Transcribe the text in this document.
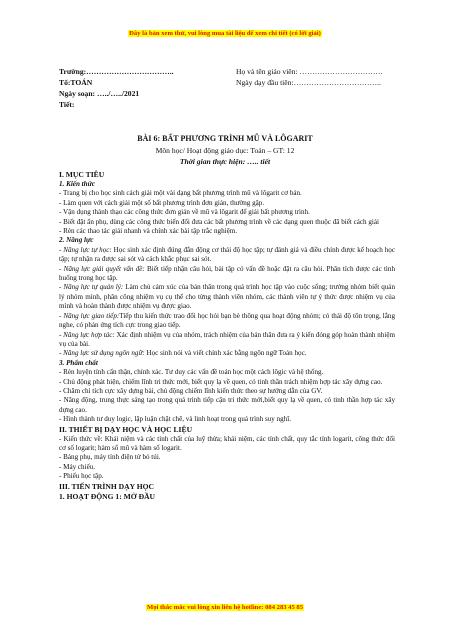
Đây là bản xem thử, vui lòng mua tài liệu để xem chi tiết (có lời giải)
Trường:……………………………..
Tổ:TOÁN
Ngày soạn: …../…../2021
Tiết:
Họ và tên giáo viên: ……………………………
Ngày dạy đầu tiên:……………………………..
BÀI 6: BẤT PHƯƠNG TRÌNH MŨ VÀ LÔGARIT
Môn học/ Hoạt động giáo dục: Toán – GT: 12
Thời gian thực hiện: ….. tiết

I. MỤC TIÊU

1. Kiến thức

- Trang bị cho học sinh cách giải một vài dạng bất phương trình mũ và lôgarit cơ bản.

- Làm quen với cách giải một số bất phương trình đơn giản, thường gặp.

- Vận dụng thành thạo các công thức đơn giản về mũ và lôgarit để giải bất phương trình.

- Biết đặt ẩn phụ, dùng các công thức biến đổi đưa các bất phương trình về các dạng quen thuộc đã biết cách giải

- Rèn các thao tác giải nhanh và chính xác bài tập trắc nghiệm.

2. Năng lực

- Năng lực tự học: Học sinh xác định đúng đắn động cơ thái độ học tập; tự đánh giá và điều chỉnh được kế hoạch học tập; tự nhận ra được sai sót và cách khắc phục sai sót.

- Năng lực giải quyết vấn đề: Biết tiếp nhận câu hỏi, bài tập có vấn đề hoặc đặt ra câu hỏi. Phân tích được các tình huống trong học tập.

- Năng lực tự quản lý: Làm chủ cảm xúc của bản thân trong quá trình học tập vào cuộc sống; trưởng nhóm biết quản lý nhóm mình, phân công nhiệm vụ cụ thể cho từng thành viên nhóm, các thành viên tự ý thức được nhiệm vụ của mình và hoàn thành được nhiệm vụ được giao.

- Năng lực giao tiếp:Tiếp thu kiến thức trao đổi học hỏi bạn bè thông qua hoạt động nhóm; có thái độ tôn trọng, lắng nghe, có phản ứng tích cực trong giao tiếp.

- Năng lực hợp tác: Xác định nhiệm vụ của nhóm, trách nhiệm của bản thân đưa ra ý kiến đóng góp hoàn thành nhiệm vụ của bài.

- Năng lực sử dụng ngôn ngữ: Học sinh nói và viết chính xác bằng ngôn ngữ Toán học.

3. Phẩm chất

- Rèn luyện tính cẩn thận, chính xác. Tư duy các vấn đề toán học một cách lôgic và hệ thống.

- Chủ động phát hiện, chiếm lĩnh tri thức mới, biết quy lạ về quen, có tinh thần trách nhiệm hợp tác xây dựng cao.

- Chăm chỉ tích cực xây dựng bài, chủ động chiếm lĩnh kiến thức theo sự hướng dẫn của GV.

- Năng động, trung thực sáng tạo trong quá trình tiếp cận tri thức mới,biết quy lạ về quen, có tinh thần hợp tác xây dựng cao.

- Hình thành tư duy logic, lập luận chặt chẽ, và linh hoạt trong quá trình suy nghĩ.

II. THIẾT BỊ DẠY HỌC VÀ HỌC LIỆU

- Kiến thức về: Khái niệm và các tính chất của luỹ thừa; khái niệm, các tính chất, quy tắc tính logarit, công thức đổi cơ số logarit; hàm số mũ và hàm số logarit.

- Bảng phụ, máy tính điện tử bỏ túi.

- Máy chiếu.

- Phiếu học tập.

III. TIẾN TRÌNH DẠY HỌC

1. HOẠT ĐỘNG 1: MỞ ĐẦU

Mọi thắc mắc vui lòng xin liên hệ hotline: 084 283 45 85
